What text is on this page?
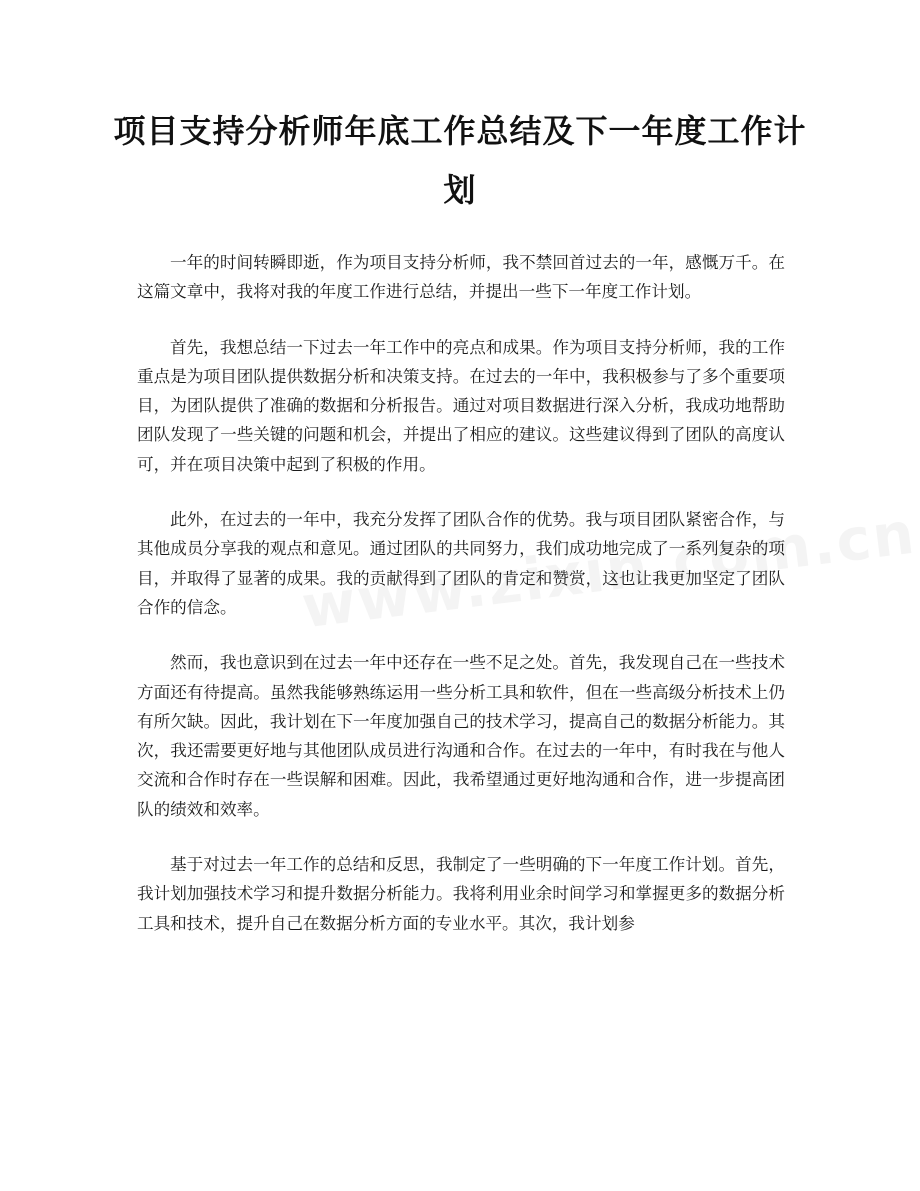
项目支持分析师年底工作总结及下一年度工作计划

一年的时间转瞬即逝，作为项目支持分析师，我不禁回首过去的一年，感慨万千。在这篇文章中，我将对我的年度工作进行总结，并提出一些下一年度工作计划。

首先，我想总结一下过去一年工作中的亮点和成果。作为项目支持分析师，我的工作重点是为项目团队提供数据分析和决策支持。在过去的一年中，我积极参与了多个重要项目，为团队提供了准确的数据和分析报告。通过对项目数据进行深入分析，我成功地帮助团队发现了一些关键的问题和机会，并提出了相应的建议。这些建议得到了团队的高度认可，并在项目决策中起到了积极的作用。

此外，在过去的一年中，我充分发挥了团队合作的优势。我与项目团队紧密合作，与其他成员分享我的观点和意见。通过团队的共同努力，我们成功地完成了一系列复杂的项目，并取得了显著的成果。我的贡献得到了团队的肯定和赞赏，这也让我更加坚定了团队合作的信念。

然而，我也意识到在过去一年中还存在一些不足之处。首先，我发现自己在一些技术方面还有待提高。虽然我能够熟练运用一些分析工具和软件，但在一些高级分析技术上仍有所欠缺。因此，我计划在下一年度加强自己的技术学习，提高自己的数据分析能力。其次，我还需要更好地与其他团队成员进行沟通和合作。在过去的一年中，有时我在与他人交流和合作时存在一些误解和困难。因此，我希望通过更好地沟通和合作，进一步提高团队的绩效和效率。

基于对过去一年工作的总结和反思，我制定了一些明确的下一年度工作计划。首先，我计划加强技术学习和提升数据分析能力。我将利用业余时间学习和掌握更多的数据分析工具和技术，提升自己在数据分析方面的专业水平。其次，我计划参
